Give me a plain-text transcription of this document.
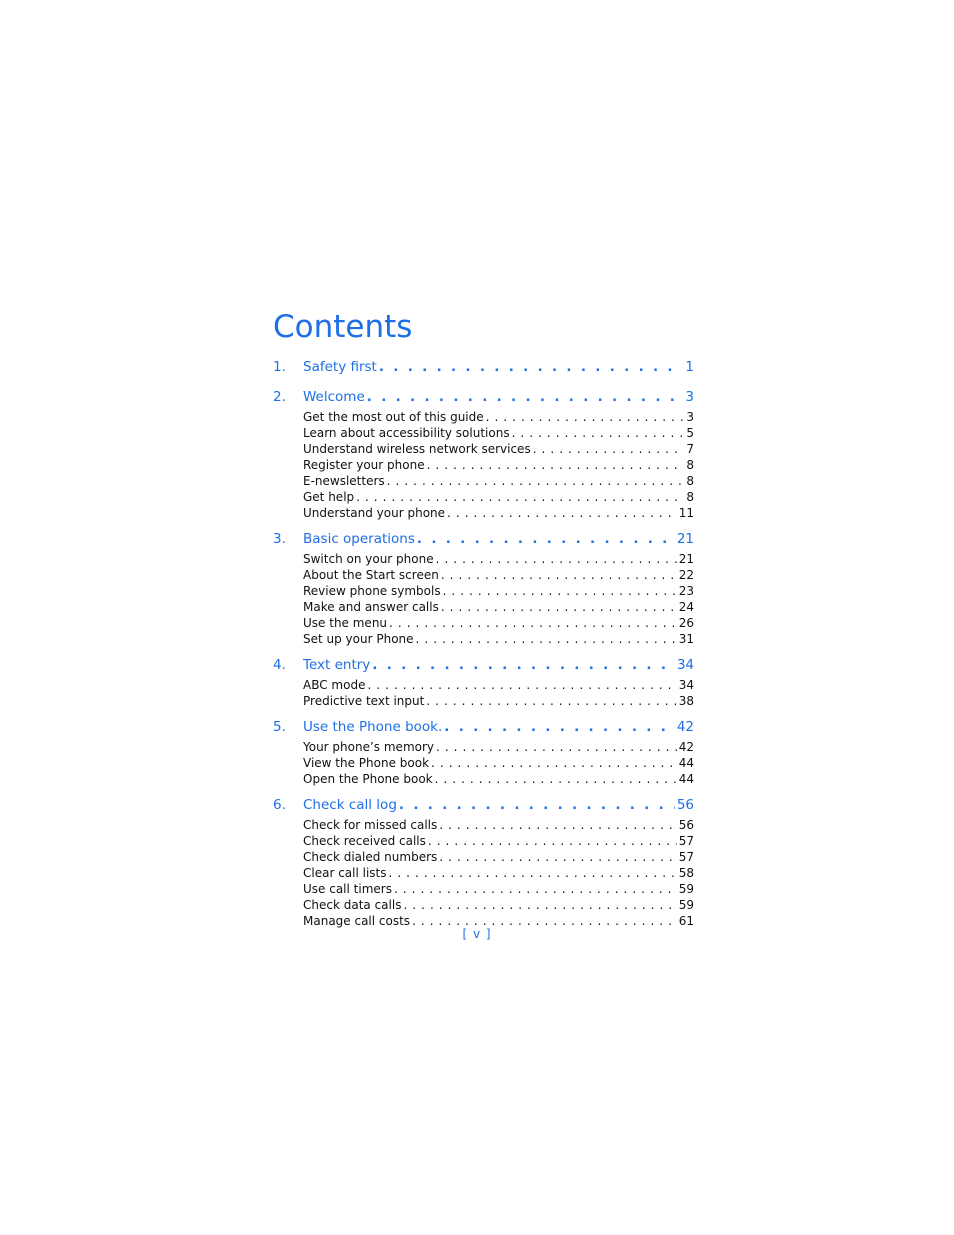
Contents
1. Safety first . . .	1
2. Welcome . . .	3
Get the most out of this guide . . .	3
Learn about accessibility solutions . . .	5
Understand wireless network services . . .	7
Register your phone . . .	8
E-newsletters . . .	8
Get help . . .	8
Understand your phone . . .	11
3. Basic operations . . .	21
Switch on your phone . . .	21
About the Start screen . . .	22
Review phone symbols . . .	23
Make and answer calls . . .	24
Use the menu . . .	26
Set up your Phone . . .	31
4. Text entry . . .	34
ABC mode . . .	34
Predictive text input . . .	38
5. Use the Phone book. . . .	42
Your phone’s memory . . .	42
View the Phone book . . .	44
Open the Phone book . . .	44
6. Check call log . . .	56
Check for missed calls . . .	56
Check received calls . . .	57
Check dialed numbers . . .	57
Clear call lists . . .	58
Use call timers . . .	59
Check data calls . . .	59
Manage call costs . . .	61
[ v ]
